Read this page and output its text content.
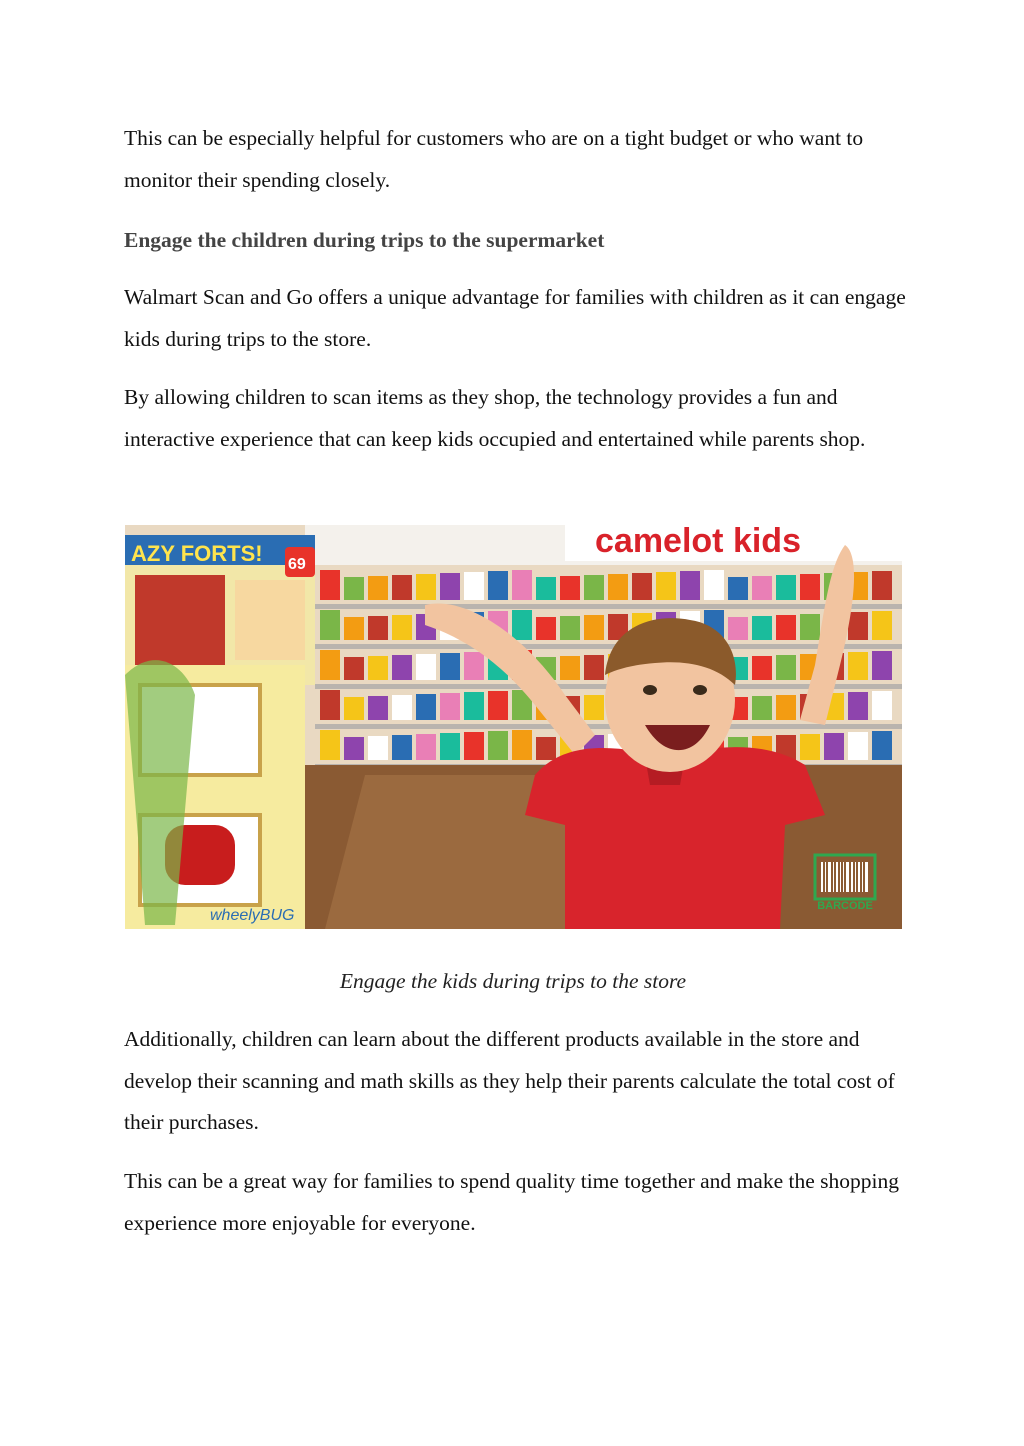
This can be especially helpful for customers who are on a tight budget or who want to monitor their spending closely.

Engage the children during trips to the supermarket

Walmart Scan and Go offers a unique advantage for families with children as it can engage kids during trips to the store.

By allowing children to scan items as they shop, the technology provides a fun and interactive experience that can keep kids occupied and entertained while parents shop.

camelot kids
AZY FORTS! 69
wheelyBUG
BARCODE

Engage the kids during trips to the store

Additionally, children can learn about the different products available in the store and develop their scanning and math skills as they help their parents calculate the total cost of their purchases.

This can be a great way for families to spend quality time together and make the shopping experience more enjoyable for everyone.
